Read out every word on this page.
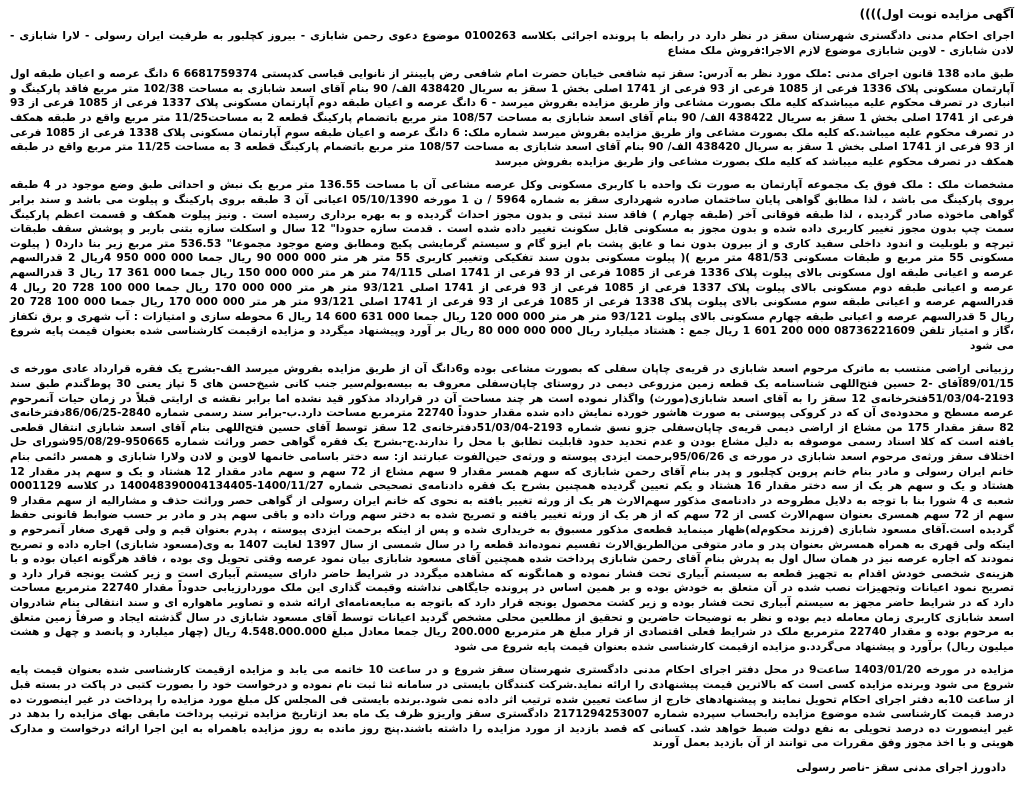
آگهی مزایده نوبت اول))))
اجرای احکام مدنی دادگستری شهرستان سقز در نظر دارد در رابطه با پرونده اجرائی بکلاسه 0100263 موضوع دعوی رحمن شابازی - بیروز کچلبور به طرفیت ایران رسولی - لارا شابازی - لادن شابازی - لاوین شابازی موضوع لازم الاجرا:فروش ملک مشاع
طبق ماده 138 قانون اجرای مدنی :ملک مورد نظر به آدرس: سقز تپه شافعی خیابان حضرت امام شافعی رض پایینتر از نانوایی قیاسی کدپستی 6681759374 6 دانگ عرصه و اعیان طبقه اول آپارتمان مسکونی پلاک 1336 فرعی از 1085 فرعی از 93 فرعی از 1741 اصلی بخش 1 سقز به سریال 438420 الف/ 90 بنام آقای اسعد شابازی به مساحت 102/38 متر مربع فاقد پارکینگ و انباری در تصرف محکوم علیه میباشدکه کلیه ملک بصورت مشاعی واز طریق مزایده بفروش میرسد - 6 دانگ عرصه و اعیان طبقه دوم آپارتمان مسکونی پلاک 1337 فرعی از 1085 فرعی از 93 فرعی از 1741 اصلی بخش 1 سقز به سریال 438422 الف/ 90 بنام آقای اسعد شابازی به مساحت 108/57 متر مربع باتضمام پارکینگ قطعه 2 به مساحت11/25 متر مربع واقع در طبقه همکف در تصرف محکوم علیه میباشد.که کلیه ملک بصورت مشاعی واز طریق مزایده بفروش میرسد شماره ملک: 6 دانگ عرصه و اعیان طبقه سوم آپارتمان مسکونی پلاک 1338 فرعی از 1085 فرعی از 93 فرعی از 1741 اصلی بخش 1 سقز به سریال 438420 الف/ 90 بنام آقای اسعد شابازی به مساحت 108/57 متر مربع باتضمام پارکینگ قطعه 3 به مساحت 11/25 متر مربع واقع در طبقه همکف در تصرف محکوم علیه میباشد که کلیه ملک بصورت مشاعی واز طریق مزایده بفروش میرسد
مشخصات ملک : ملک فوق یک مجموعه آپارتمان به صورت تک واحده با کاربری مسکونی وکل عرصه مشاعی آن با مساحت 136.55 متر مربع یک نبش و احداثی طبق وضع موجود در 4 طبقه بروی پارکینگ می باشد ، لذا مطابق گواهی پایان ساختمان صادره شهرداری سقز به شماره 5964 / ن 1 مورخه 05/10/1390 اعیانی آن 3 طبقه بروی پارکینگ و پیلوت می باشد و سند برابر گواهی ماخوذه صادر گردیده ، لذا طبقه فوقانی آخر (طبقه چهارم ) فاقد سند ثبتی و بدون مجوز احداث گردیده و به بهره برداری رسیده است . ونیز پیلوت همکف و قسمت اعظم پارکینگ سمت چپ بدون مجوز تغییر کاربری داده شده و بدون مجوز به مسکونی قابل سکونت تغییر داده شده است . قدمت سازه حدودا" 12 سال و اسکلت سازه بتنی باربر و پوشش سقف طبقات تیرچه و بلوبلیت و اندود داخلی سفید کاری و از بیرون بدون نما و عایق پشت بام ایزو گام و سیستم گرمایشی پکیج ومطابق وضع موجود مجموعا" 536.53 متر مربع زیر بنا دارد0 ( پیلوت مسکونی 55 متر مربع و طبقات مسکونی 481/53 متر مربع )( پیلوت مسکونی بدون سند تفکیکی وتغییر کاربری 55 متر هر متر 000 000 90 ریال جمعا 000 000 950 4ریال 2 قدرالسهم عرصه و اعیانی طبقه اول مسکونی بالای پیلوت پلاک 1336 فرعی از 1085 فرعی از 93 فرعی از 1741 اصلی 74/115 متر هر متر 000 000 150 ریال جمعا 000 361 17 ریال 3 قدرالسهم عرصه و اعیانی طبقه دوم مسکونی بالای پیلوت پلاک 1337 فرعی از 1085 فرعی از 93 فرعی از 1741 اصلی 93/121 متر هر متر 000 000 170 ریال جمعا 000 100 728 20 ریال 4 قدرالسهم عرصه و اعیانی طبقه سوم مسکونی بالای پیلوت پلاک 1338 فرعی از 1085 فرعی از 93 فرعی از 1741 اصلی 93/121 متر هر متر 000 000 170 ریال جمعا 000 100 728 20 ریال 5 قدرالسهم عرصه و اعیانی طبقه چهارم مسکونی بالای پیلوت 93/121 متر هر متر 000 000 120 ریال جمعا 000 631 600 14 ریال 6 محوطه سازی و امتیازات : آب شهری و برق تکفاز ،گاز و امتیاز تلفن 08736221609 000 200 601 1 ریال جمع : هشتاد میلیارد ریال 000 000 000 80 ریال بر آورد وپیشنهاد میگردد و مزایده ازقیمت کارشناسی شده بعنوان قیمت پایه شروع می شود
رزبیانی اراضی منتسب به ماترک مرحوم اسعد شابازی در قریه‌ی چاپان سفلی که بصورت مشاعی بوده و6دانگ آن از طریق مزایده بفروش میرسد الف-بشرح یک فقره قرارداد عادی مورخه ی 89/01/15آقای -2 حسین فتح‌اللهی شناسنامه یک قطعه زمین مزروعی دیمی در روستای چاپان‌سفلی معروف به بیسه‌بولم‌سیر جنب کانی شیخ‌حسن های 5 تپاز یعنی 30 پوط‌گندم طبق سند 2193-51/03/04فتخرخانه‌ی 12 سقز را به آقای اسعد شابازی(مورث) واگذار نموده است هر چند مساحت آن در قرارداد مذکور قید نشده اما برابر نقشه ی ارایتی قبلاً در زمان حیات آنمرحوم عرصه مسطح و محدوده‌ی آن که در کروکی پیوستی به صورت هاشور خورده نمایش داده شده مقدار حدوداً 22740 مترمربع مساحت دارد.ب-برابر سند رسمی شماره 2840-86/06/25دفترخانه‌ی 82 سقز مقدار 175 من مشاع از اراضی دیمی قریه‌ی چاپان‌سفلی جزو نسق شماره 2193-51/03/04دفترخانه‌ی 12 سقز توسط آقای حسین فتح‌اللهی بنام آقای اسعد شابازی انتقال قطعی یافته است که کلا اسناد رسمی موصوفه به دلیل مشاع بودن و عدم تحدید حدود قابلیت تطابق با محل را ندارند.ج-بشرح یک فقره گواهی حصر وراثت شماره 950665-95/08/29شورای حل اختلاف سقز ورثه‌ی مرحوم اسعد شابازی در مورخه ی 95/06/26برحمت ایزدی پیوسته و ورثه‌ی حین‌الفوت عبارتند از: سه دختر باسامی خانمها لاوین و لادن ولارا شابازی و همسر دائمی بنام خانم ایران رسولی و مادر بنام خانم پروین کچلبور و پدر بنام آقای رحمن شابازی که سهم همسر مقدار 9 سهم مشاع از 72 سهم و سهم مادر مقدار 12 هشتاد و یک و سهم پدر مقدار 12 هشتاد و یک و سهم هر یک از سه دختر مقدار 16 هشتاد و یکم تعیین گردیده همچنین بشرح یک فقره دادنامه‌ی تصحیحی شماره 1400/11/27-140048390004134405 در کلاسه 0001129 شعبه ی 4 شورا بنا با توجه به دلایل مطروحه در دادنامه‌ی مذکور سهم‌الارث هر یک از ورثه تغییر یافته به نحوی که خانم ایران رسولی از گواهی حصر وراثت حذف و مشارالیه از سهم مقدار 9 سهم از 72 سهم همسری بعنوان سهم‌الارث کسی از 72 سهم که از هر یک از ورثه تغییر یافته و تصریح شده به دختر سهم وراث داده و باقی سهم پدر و مادر بر حسب ضوابط قانونی حفظ گردیده است.آقای مسعود شابازی (فرزند محکوم‌له)ظهار مینماید قطعه‌ی مذکور مسبوق به خریداری شده و پس از اینکه برحمت ایزدی پیوسته ، پدرم بعنوان قیم و ولی قهری صغار آنمرحوم و اینکه ولی قهری به همراه همسرش بعنوان پدر و مادر متوفی من‌الطریق‌الارث تقسیم نموده‌اند قطعه را در سال شمسی از سال 1397 لغایت 1407 به وی(مسعود شابازی) اجاره داده و تصریح نمودند که اجاره عرصه نیز در همان سال اول به پدرش بنام آقای رحمن شابازی پرداخت شده همچنین آقای مسعود شابازی بیان نمود عرصه وقتی تحویل وی بوده ، فاقد هرگونه اعیان بوده و با هزینه‌ی شخصی خودش اقدام به تجهیز قطعه به سیستم آبیاری تحت فشار نموده و همانگونه که مشاهده میگردد در شرایط حاضر دارای سیستم آبیاری است و زیر کشت یونجه قرار دارد و تصریح نمود اعیانات وتجهیزات نصب شده در آن متعلق به خودش بوده و بر همین اساس در پرونده جایگاهی نداشته وقیمت گذاری این ملک موردارزیابی حدوداً مقدار 22740 مترمربع مساحت دارد که در شرایط حاضر مجهز به سیستم آبیاری تحت فشار بوده و زیر کشت محصول یونجه قرار دارد که باتوجه به مبایعه‌نامه‌ای ارائه شده و تصاویر ماهواره ای و سند انتقالی بنام شادروان اسعد شابازی کاربری زمان معامله دیم بوده و نظر به توضیحات حاضرین و تحقیق از مطلعین محلی مشخص گردید اعیانات توسط آقای مسعود شابازی در سال گذشته ایجاد و صرفاً زمین متعلق به مرحوم بوده و مقدار 22740 مترمربع ملک در شرایط فعلی اقتصادی از قرار مبلغ هر مترمربع 200.000 ریال جمعا معادل مبلغ 4.548.000.000 ریال (چهار میلیارد و پانصد و چهل و هشت میلیون ریال) برآورد و پیشنهاد می‌گردد.و مزایده ازقیمت کارشناسی شده بعنوان قیمت پایه شروع می شود
مزایده در مورخه 1403/01/20 ساعت9 در محل دفتر اجرای احکام مدنی دادگستری شهرستان سقز شروع و در ساعت 10 خاتمه می یابد و مزایده ازقیمت کارشناسی شده بعنوان قیمت پایه شروع می شود وبرنده مزایده کسی است که بالاترین قیمت پیشنهادی را ارائه نماید.شرکت کنندگان بایستی در سامانه ثنا ثبت نام نموده و درخواست خود را بصورت کتبی در پاکت در بسته قبل از ساعت 10به دفتر اجرای احکام تحویل نمایند و پیشنهادهای خارج از ساعت تعیین شده ترتیب اثر داده نمی شود.برنده بایستی فی المجلس کل مبلغ مورد مزایده را پرداخت در غیر اینصورت ده درصد قیمت کارشناسی شده موضوع مزایده رابحساب سپرده شماره 2171294253007 دادگستری سقز واریزو ظرف یک ماه بعد ازتاریخ مزایده ترتیب پرداخت مابقی بهای مزایده را بدهد در غیر اینصورت ده درصد تحویلی به نفع دولت ضبط خواهد شد. کسانی که قصد بازدید از مورد مزایده را داشته باشند.پنج روز مانده به روز مزایده باهمراه به این اجرا ارائه درخواست و مدارک هویتی و با اخذ مجوز وفق مقررات می توانند از آن بازدید بعمل آورند
دادورز اجرای مدنی سقز -ناصر رسولی
